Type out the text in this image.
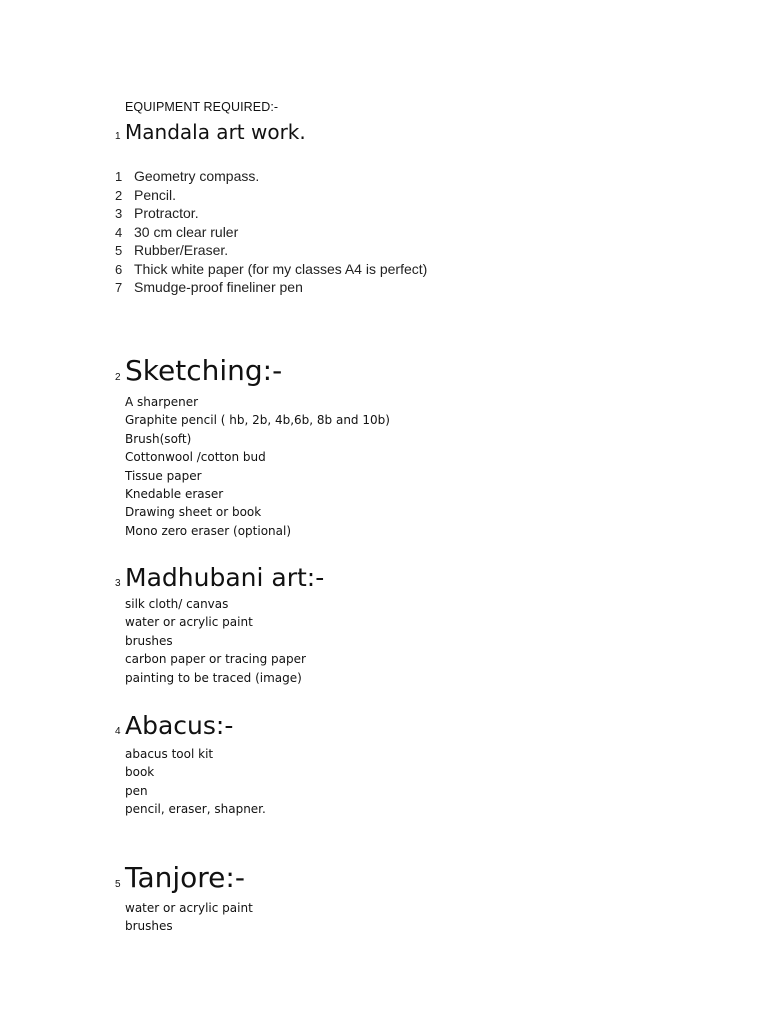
EQUIPMENT REQUIRED:-
1 Mandala art work.
1 Geometry compass.
2 Pencil.
3 Protractor.
4 30 cm clear ruler
5 Rubber/Eraser.
6 Thick white paper (for my classes A4 is perfect)
7 Smudge-proof fineliner pen
2 Sketching:-
A sharpener
Graphite pencil ( hb, 2b, 4b,6b, 8b and 10b)
Brush(soft)
Cottonwool /cotton bud
Tissue paper
Knedable eraser
Drawing sheet or book
Mono zero eraser (optional)
3 Madhubani art:-
silk cloth/ canvas
water or acrylic paint
brushes
carbon paper or tracing paper
painting to be traced (image)
4 Abacus:-
abacus tool kit
book
pen
pencil, eraser, shapner.
5 Tanjore:-
water or acrylic paint
brushes
